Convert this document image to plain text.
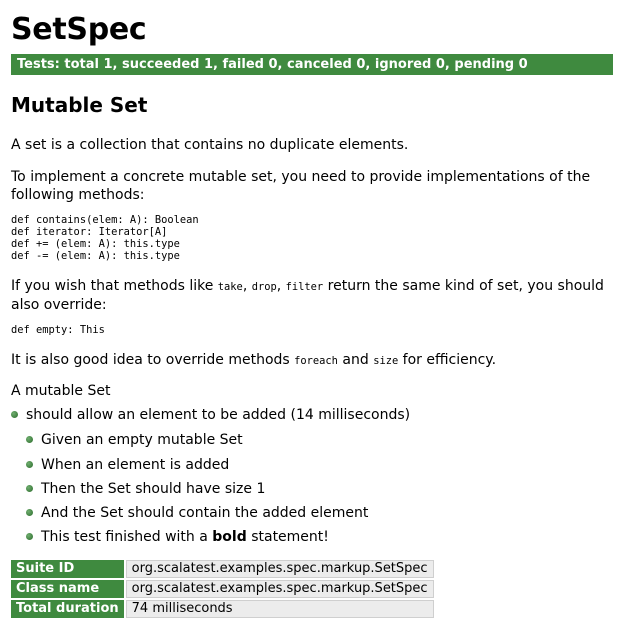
SetSpec
Tests: total 1, succeeded 1, failed 0, canceled 0, ignored 0, pending 0
Mutable Set

A set is a collection that contains no duplicate elements.

To implement a concrete mutable set, you need to provide implementations of the following methods:

def contains(elem: A): Boolean
def iterator: Iterator[A]
def += (elem: A): this.type
def -= (elem: A): this.type

If you wish that methods like take, drop, filter return the same kind of set, you should also override:

def empty: This

It is also good idea to override methods foreach and size for efficiency.

A mutable Set
should allow an element to be added (14 milliseconds)
Given an empty mutable Set
When an element is added
Then the Set should have size 1
And the Set should contain the added element
This test finished with a bold statement!
Suite ID	org.scalatest.examples.spec.markup.SetSpec
Class name	org.scalatest.examples.spec.markup.SetSpec
Total duration	74 milliseconds
